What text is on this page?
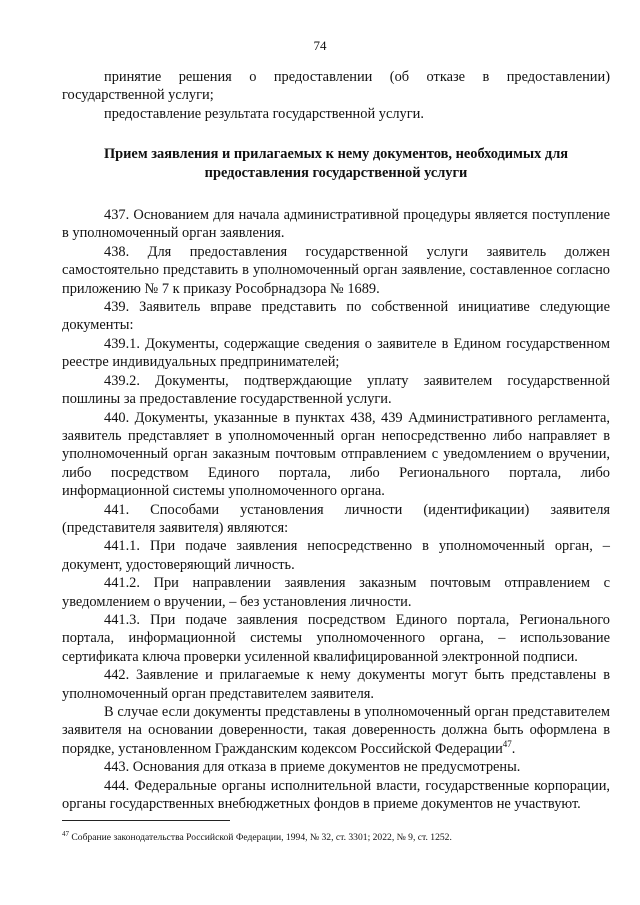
74

принятие решения о предоставлении (об отказе в предоставлении) государственной услуги;

предоставление результата государственной услуги.

Прием заявления и прилагаемых к нему документов, необходимых для предоставления государственной услуги

437. Основанием для начала административной процедуры является поступление в уполномоченный орган заявления.

438. Для предоставления государственной услуги заявитель должен самостоятельно представить в уполномоченный орган заявление, составленное согласно приложению № 7 к приказу Рособрнадзора № 1689.

439. Заявитель вправе представить по собственной инициативе следующие документы:

439.1. Документы, содержащие сведения о заявителе в Едином государственном реестре индивидуальных предпринимателей;

439.2. Документы, подтверждающие уплату заявителем государственной пошлины за предоставление государственной услуги.

440. Документы, указанные в пунктах 438, 439 Административного регламента, заявитель представляет в уполномоченный орган непосредственно либо направляет в уполномоченный орган заказным почтовым отправлением с уведомлением о вручении, либо посредством Единого портала, либо Регионального портала, либо информационной системы уполномоченного органа.

441. Способами установления личности (идентификации) заявителя (представителя заявителя) являются:

441.1. При подаче заявления непосредственно в уполномоченный орган, – документ, удостоверяющий личность.

441.2. При направлении заявления заказным почтовым отправлением с уведомлением о вручении, – без установления личности.

441.3. При подаче заявления посредством Единого портала, Регионального портала, информационной системы уполномоченного органа, – использование сертификата ключа проверки усиленной квалифицированной электронной подписи.

442. Заявление и прилагаемые к нему документы могут быть представлены в уполномоченный орган представителем заявителя.

В случае если документы представлены в уполномоченный орган представителем заявителя на основании доверенности, такая доверенность должна быть оформлена в порядке, установленном Гражданским кодексом Российской Федерации$^{47}$.

443. Основания для отказа в приеме документов не предусмотрены.

444. Федеральные органы исполнительной власти, государственные корпорации, органы государственных внебюджетных фондов в приеме документов не участвуют.

$^{47}$ Собрание законодательства Российской Федерации, 1994, № 32, ст. 3301; 2022, № 9, ст. 1252.
